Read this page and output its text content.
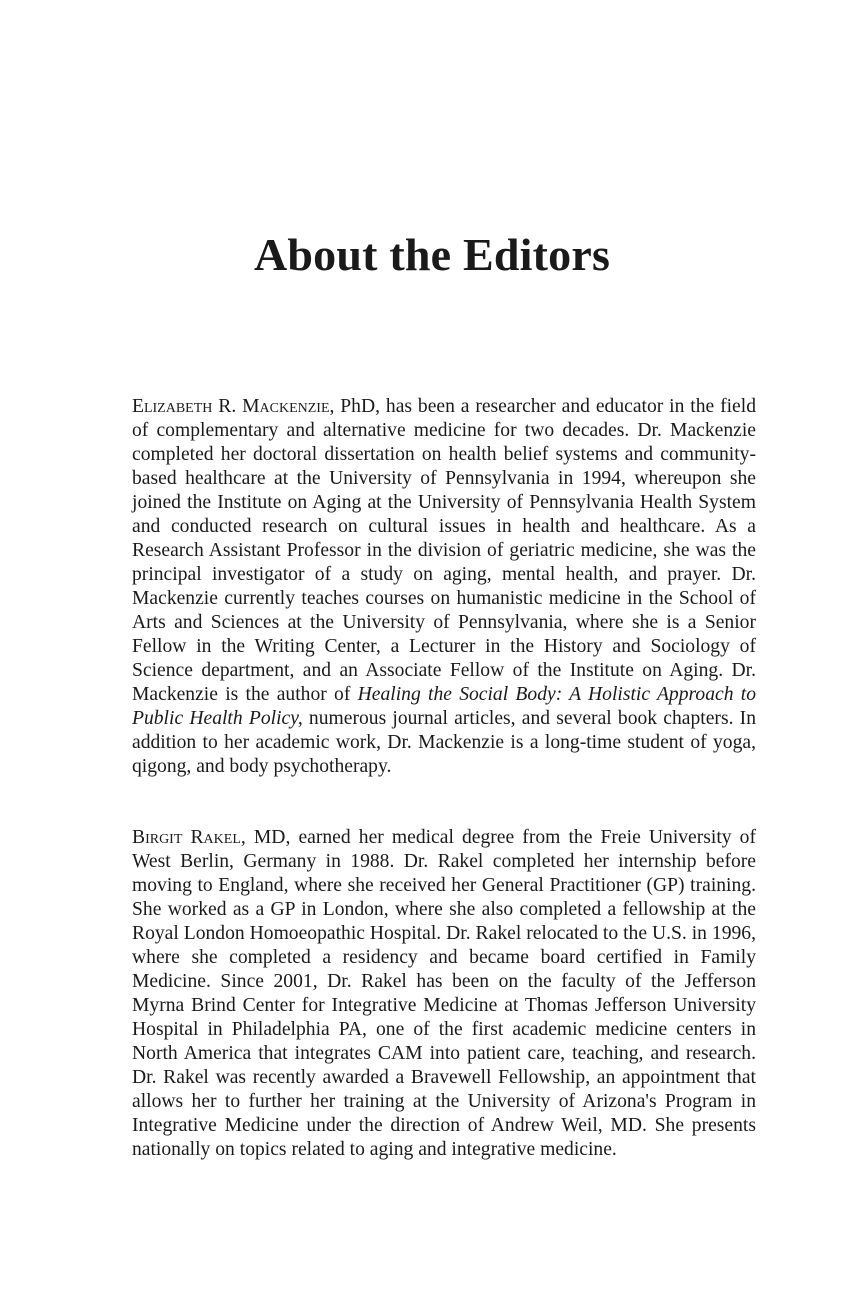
About the Editors

Elizabeth R. Mackenzie, PhD, has been a researcher and educator in the field of complementary and alternative medicine for two decades. Dr. Mackenzie completed her doctoral dissertation on health belief systems and community-based healthcare at the University of Pennsylvania in 1994, whereupon she joined the Institute on Aging at the University of Pennsylvania Health System and conducted research on cultural issues in health and healthcare. As a Research Assistant Professor in the division of geriatric medicine, she was the principal investigator of a study on aging, mental health, and prayer. Dr. Mackenzie currently teaches courses on humanistic medicine in the School of Arts and Sciences at the University of Pennsylvania, where she is a Senior Fellow in the Writing Center, a Lecturer in the History and Sociology of Science department, and an Associate Fellow of the Institute on Aging. Dr. Mackenzie is the author of Healing the Social Body: A Holistic Approach to Public Health Policy, numerous journal articles, and several book chapters. In addition to her academic work, Dr. Mackenzie is a long-time student of yoga, qigong, and body psychotherapy.

Birgit Rakel, MD, earned her medical degree from the Freie University of West Berlin, Germany in 1988. Dr. Rakel completed her internship before moving to England, where she received her General Practitioner (GP) training. She worked as a GP in London, where she also completed a fellowship at the Royal London Homoeopathic Hospital. Dr. Rakel relocated to the U.S. in 1996, where she completed a residency and became board certified in Family Medicine. Since 2001, Dr. Rakel has been on the faculty of the Jefferson Myrna Brind Center for Integrative Medicine at Thomas Jefferson University Hospital in Philadelphia PA, one of the first academic medicine centers in North America that integrates CAM into patient care, teaching, and research. Dr. Rakel was recently awarded a Bravewell Fellowship, an appointment that allows her to further her training at the University of Arizona's Program in Integrative Medicine under the direction of Andrew Weil, MD. She presents nationally on topics related to aging and integrative medicine.
